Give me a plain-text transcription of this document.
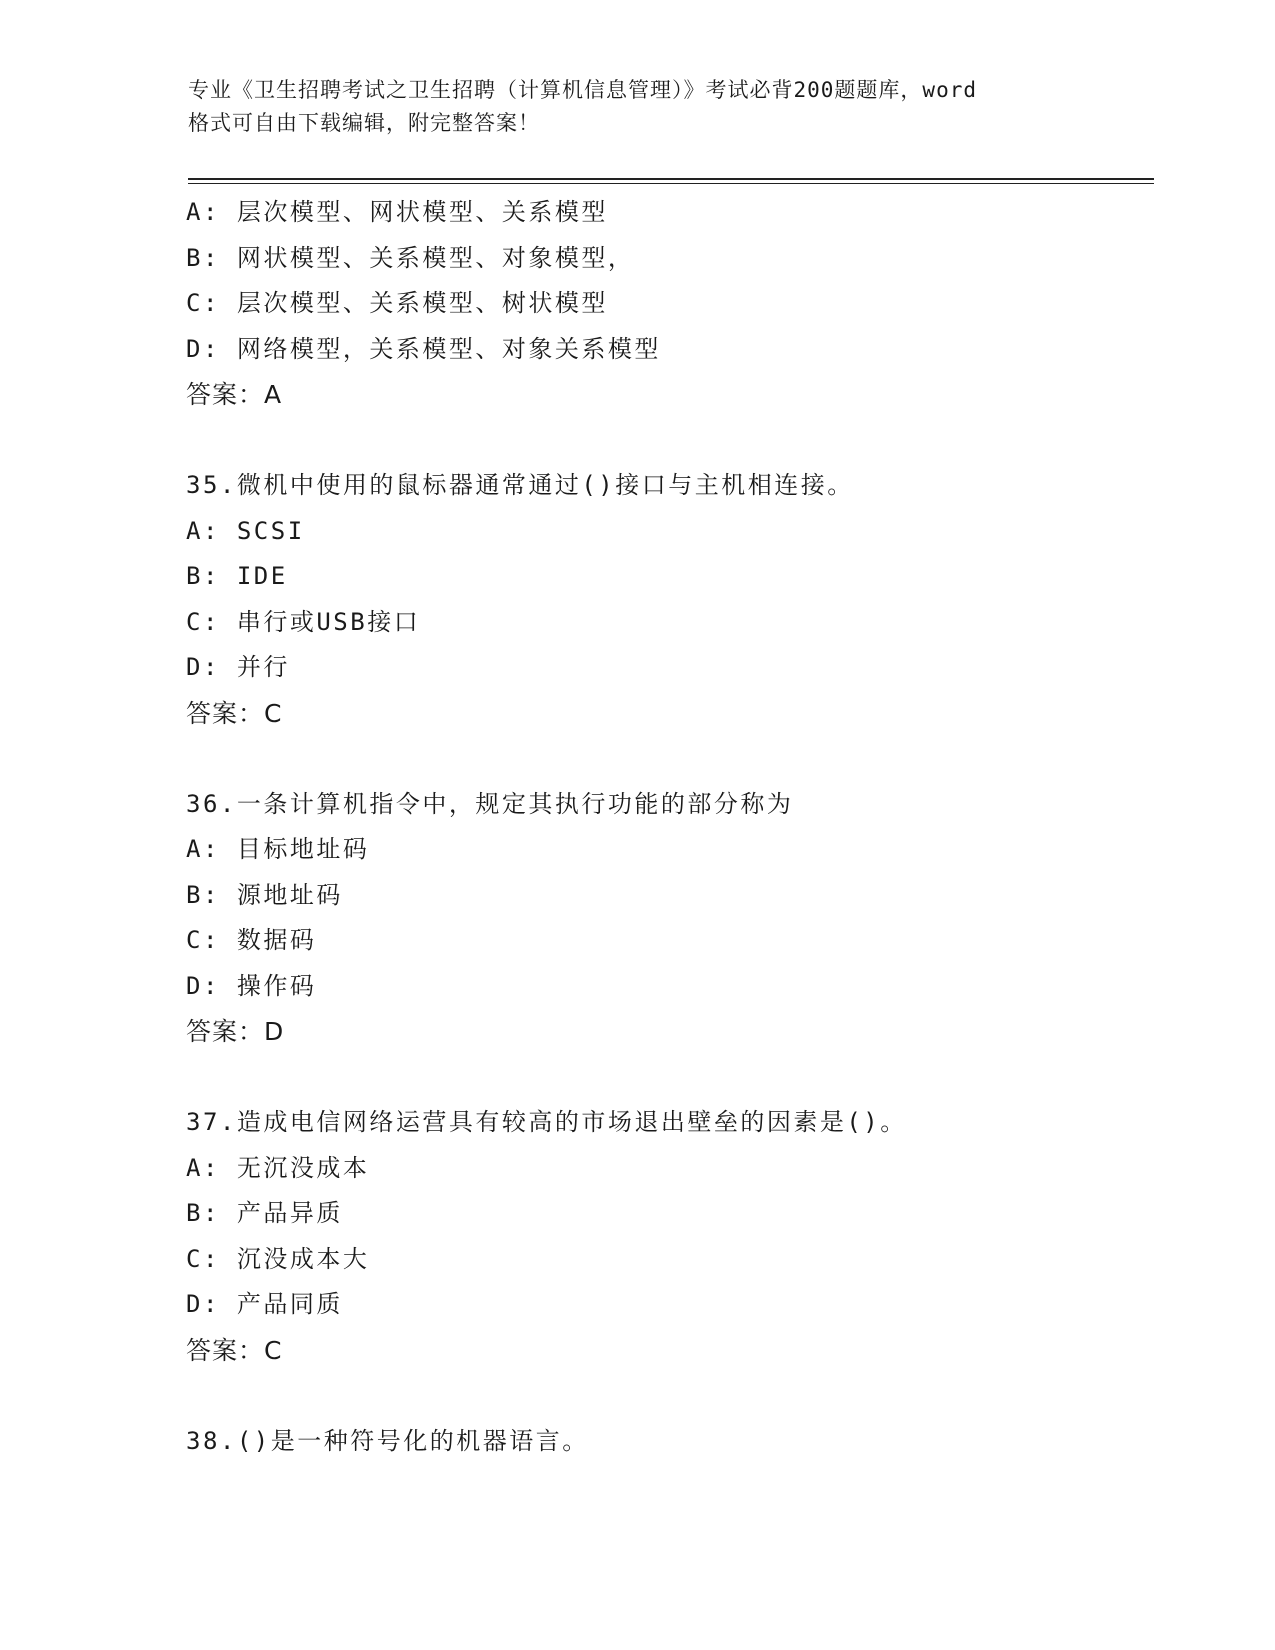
专业《卫生招聘考试之卫生招聘（计算机信息管理）》考试必背200题题库，word
格式可自由下载编辑，附完整答案！
A: 层次模型、网状模型、关系模型
B: 网状模型、关系模型、对象模型，
C: 层次模型、关系模型、树状模型
D: 网络模型，关系模型、对象关系模型
答案：A
35.微机中使用的鼠标器通常通过()接口与主机相连接。
A: SCSI
B: IDE
C: 串行或USB接口
D: 并行
答案：C
36.一条计算机指令中，规定其执行功能的部分称为
A: 目标地址码
B: 源地址码
C: 数据码
D: 操作码
答案：D
37.造成电信网络运营具有较高的市场退出壁垒的因素是()。
A: 无沉没成本
B: 产品异质
C: 沉没成本大
D: 产品同质
答案：C
38.()是一种符号化的机器语言。
